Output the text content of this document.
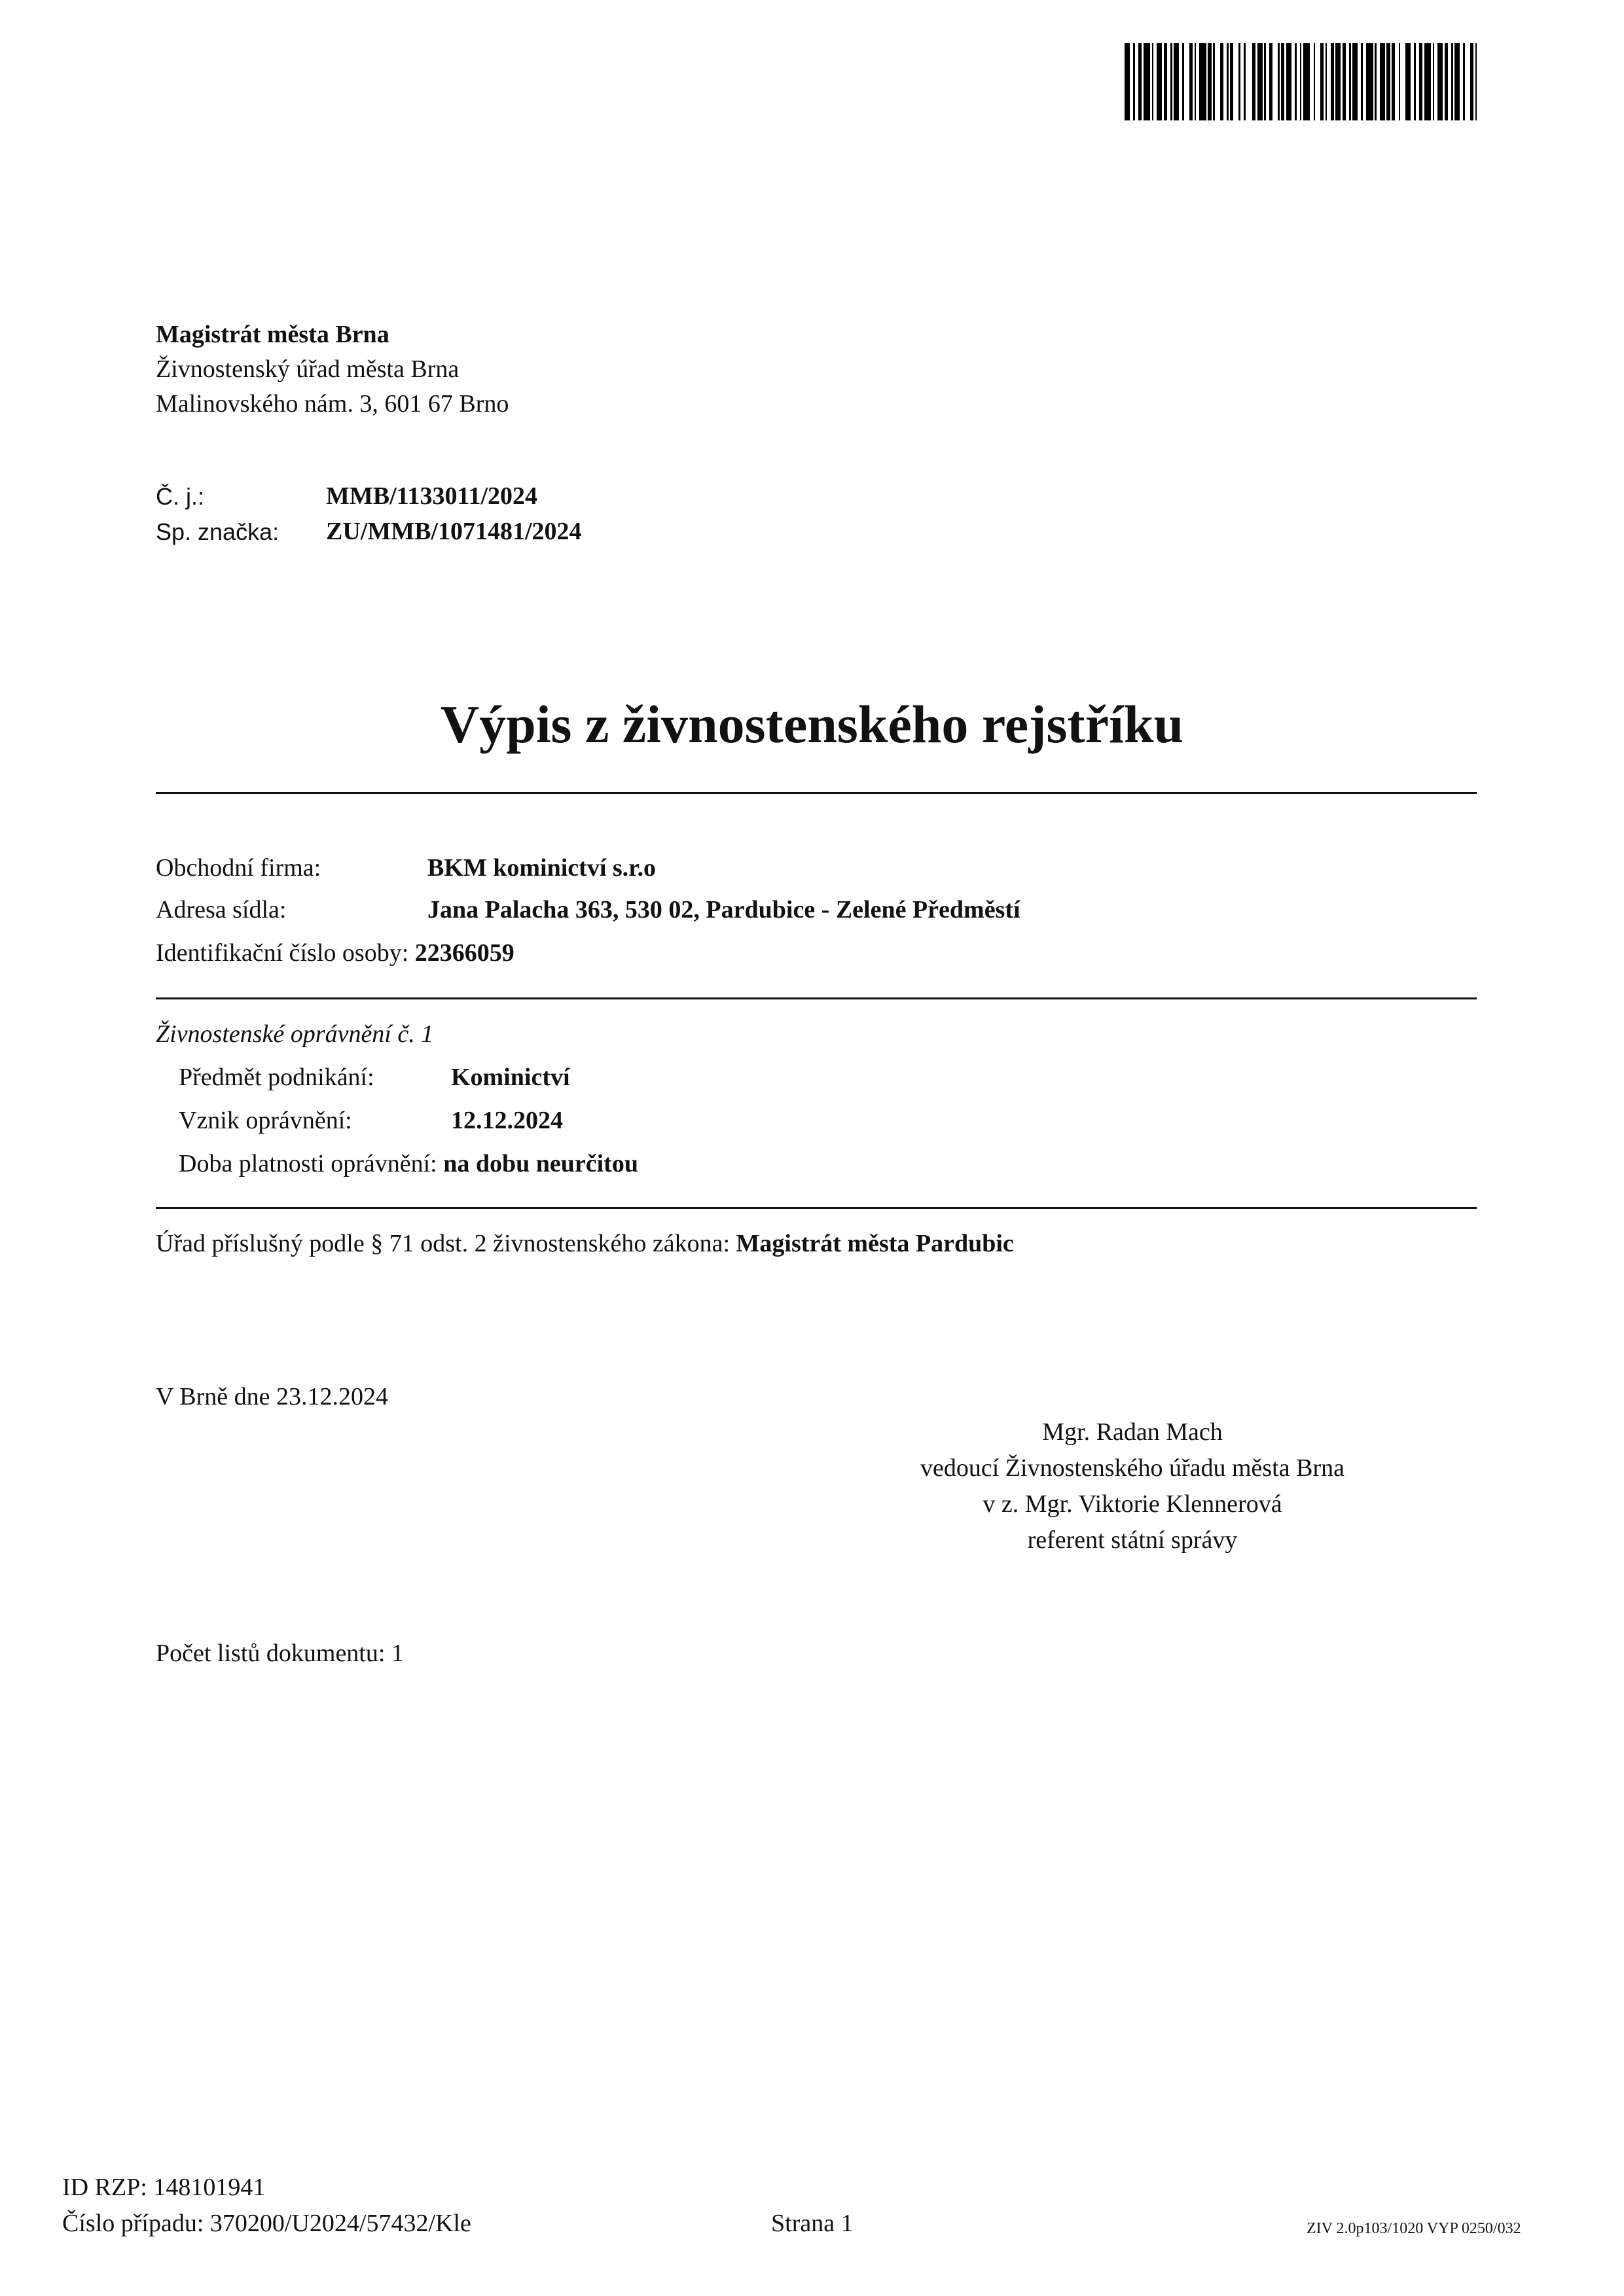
Magistrát města Brna
Živnostenský úřad města Brna
Malinovského nám. 3, 601 67 Brno
Č. j.:	MMB/1133011/2024
Sp. značka: ZU/MMB/1071481/2024
Výpis z živnostenského rejstříku
Obchodní firma:	BKM kominictví s.r.o
Adresa sídla:	Jana Palacha 363, 530 02, Pardubice - Zelené Předměstí
Identifikační číslo osoby: 22366059
Živnostenské oprávnění č. 1
Předmět podnikání:	Kominictví
Vznik oprávnění:	12.12.2024
Doba platnosti oprávnění: na dobu neurčitou
Úřad příslušný podle § 71 odst. 2 živnostenského zákona: Magistrát města Pardubic
V Brně dne 23.12.2024
Mgr. Radan Mach
vedoucí Živnostenského úřadu města Brna
v z. Mgr. Viktorie Klennerová
referent státní správy
Počet listů dokumentu: 1
ID RZP: 148101941
Číslo případu: 370200/U2024/57432/Kle	Strana 1	ZIV 2.0p103/1020 VYP 0250/032
